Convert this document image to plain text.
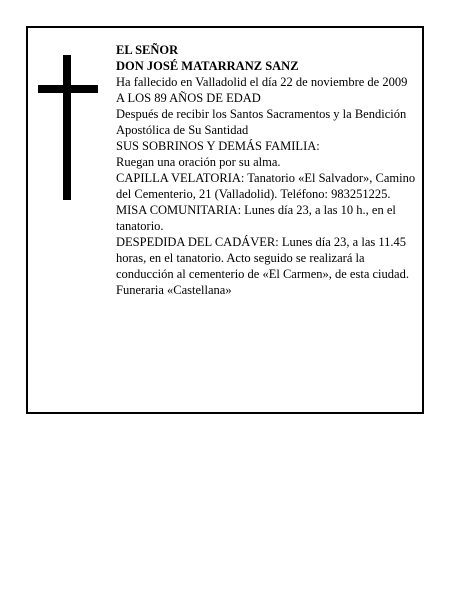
EL SEÑOR

DON JOSÉ MATARRANZ SANZ

Ha fallecido en Valladolid el día 22 de noviembre de 2009

A LOS 89 AÑOS DE EDAD

Después de recibir los Santos Sacramentos y la Bendición Apostólica de Su Santidad

SUS SOBRINOS Y DEMÁS FAMILIA:

Ruegan una oración por su alma.

CAPILLA VELATORIA: Tanatorio «El Salvador», Camino del Cementerio, 21 (Valladolid). Teléfono: 983251225.

MISA COMUNITARIA: Lunes día 23, a las 10 h., en el tanatorio.

DESPEDIDA DEL CADÁVER: Lunes día 23, a las 11.45 horas, en el tanatorio. Acto seguido se realizará la conducción al cementerio de «El Carmen», de esta ciudad.

Funeraria «Castellana»
